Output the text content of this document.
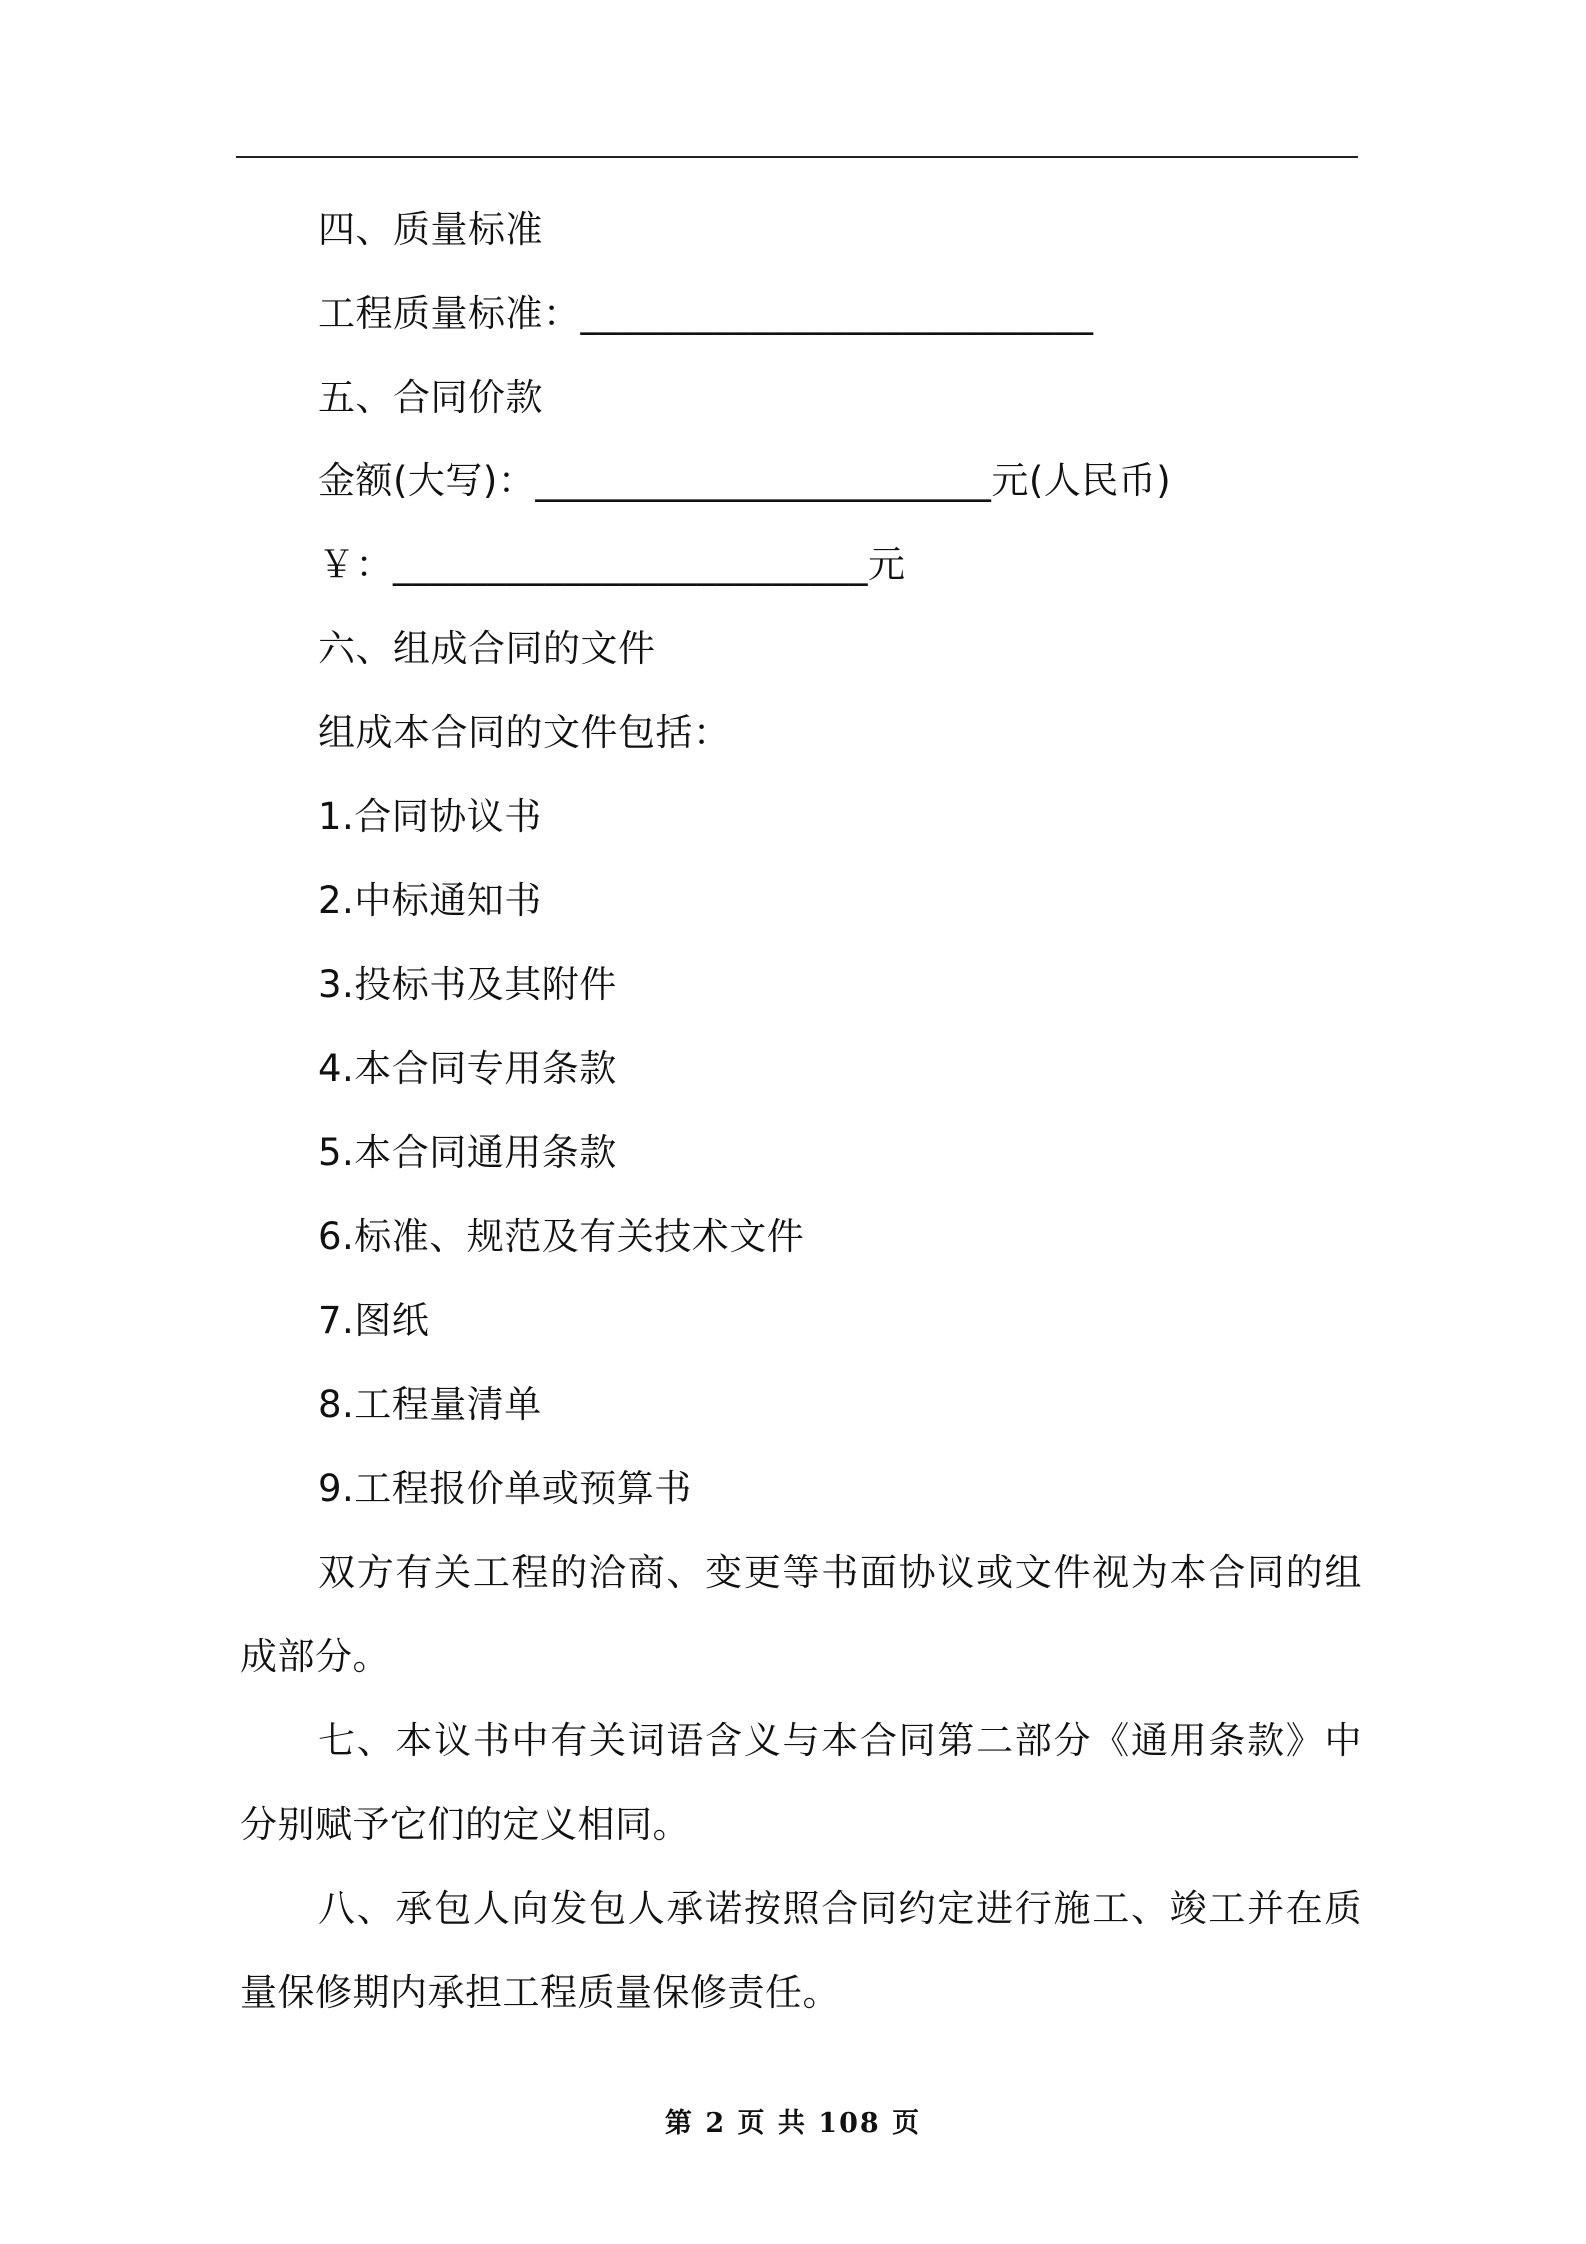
四、质量标准
工程质量标准：___________________________
五、合同价款
金额(大写)：________________________元(人民币)
￥：_________________________元
六、组成合同的文件
组成本合同的文件包括：
1.合同协议书
2.中标通知书
3.投标书及其附件
4.本合同专用条款
5.本合同通用条款
6.标准、规范及有关技术文件
7.图纸
8.工程量清单
9.工程报价单或预算书
双方有关工程的洽商、变更等书面协议或文件视为本合同的组成部分。
七、本议书中有关词语含义与本合同第二部分《通用条款》中分别赋予它们的定义相同。
八、承包人向发包人承诺按照合同约定进行施工、竣工并在质量保修期内承担工程质量保修责任。
第 2 页 共 108 页
